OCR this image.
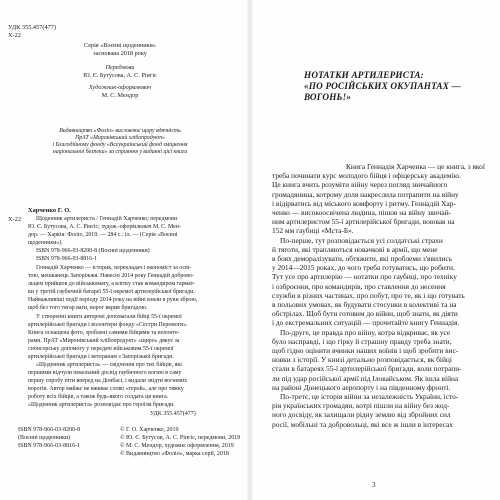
УДК 355.457(477)
Х-22
Серія «Воєнні щоденники»
заснована 2018 року
Передмови
Ю. Є. Бутусова, А. С. Рінгіс
Художник-оформлювач
М. С. Мендор
Видавництво «Фоліо» висловлює щиру вдячність
ПрАТ «Миронівський хлібопродукт»
і Благодійному фонду «Всеукраїнський фонд зміцнення
національної безпеки» за сприяння у виданні цієї книги
Харченко Г. О.
Х-22	Щоденник артилериста / Геннадій Харченко; передмови
Ю. Є. Бутусова, А. С. Рінгіс; худож.-оформлювач М. С. Мен-
дор. — Харків: Фоліо, 2019. — 284 с.: іл. — (Серія «Воєнні
щоденники»).
ISBN 978-966-03-8200-8 (Воєнні щоденники)
ISBN 978-966-03-8816-1
Геннадій Харченко — історик, перекладач і економіст за осві-
тою, мешканець Запоріжжя. Навесні 2014 року Геннадій доброво-
льцем прийшов до військкомату, а вліткy став командиром гармат-
ки у третій гаубичній батареї 55-ї окремої артилерійської бригади.
Найважливіші події періоду 2014 року на війні взяли в руки зброю,
щоб без того тягар ваги, ворог вкрив бригадою.
У створенні книги авторові допомагали бійці 55-ї окремої
артилерійської бригади і волонтери фонду «Сестри Перемоги».
Книга оснащена фото, зроблені самими бійцями та волонте-
рами. ПрАТ «Миронівський хлібопродукт» «щиро» дякує за
спонсорську допомогу у передачі військовим 55-ї окремої
артилерійської бригади і ветеранам з Запорізької бригади.
«Щоденник артилериста» — свідчення про тих бійців, які
першими відчули пекельний досвід гаубичного вогню в саму
першу спробу піти вперед на Донбасі, і видали звідти вогневих
ворогів. Автор майже не вживає слово «герой», але про тяжку
роботу всіх бійців, а також будь-якого солдата ця книга.
«Щоденник артилериста» розповідає про героїзм бригади.
УДК 355.457(477)
ISBN 978-966-03-8200-8
(Воєнні щоденники)
ISBN 978-966-03-8816-1
© Г. О. Харченко, 2019
© Ю. Є. Бутусов, А. С. Рінгіс, передмови, 2019
© М. С. Мендор, художнє оформлення, 2019
© Видавництво «Фоліо», марка серії, 2018
НОТАТКИ АРТИЛЕРИСТА:
«ПО РОСІЙСЬКИХ ОКУПАНТАХ —
ВОГОНЬ!»
Книга Геннадія Харченка — це книга, з якої
треба починати курс молодого бійця і офіцерську академію.
Це книга вчить розуміти війну через погляд звичайного
громадянина, котрому доля накреслила потрапити на війну
і відірватись від міського комфорту і ритму. Геннадій Хар-
ченко — високоосвічена людина, пішов на війну звичай-
ним артилеристом 55-ї артилерійської бригади, воював на
152 мм гаубиці «Мста-Б».
По-перше, тут розповідається усі солдатські страхи
й тяготи, які трапляються новачкові в армії, що мене
в боях деморалізувати, обтяжити, які проблеми з'явились
у 2014—2015 роках, до чого треба готуватись, що робити.
Тут усе про артилерію — нотатки про гаубиці, про техніку
і озброєння, про командирів, про ставлення до несення
служби в різних частинах, про побут, про те, як і що готувать
в польових умовах, як будувати стосунки в колективі та на
обстрілах. Щоб бути готовим до війни, щоб знати, як діяти
і до екстремальних ситуацій — прочитайте книгу Геннадія.
По-друге, це правда про війну, котра відкриває, як усе
було насправді, і що гірку й страшну правду треба знати,
щоб гідно оцінити вчинки наших воїнів і щоб зробити вис-
новки з історії. У книзі детально розповідається, як бійці
стали в батареях 55-ї артилерійської бригади, коли потрапи-
ли під удар російської армії під Іловайськом. Як ішла війна
на районі Донецького аеропорту і на південному фронті.
По-третє, це історія війни за незалежність України, істо-
рія українських громадян, котрі пішли на війну без жод-
ного досвіду, як захищали рідну землю від збройних сил
росії, мобільні та добровольці, які все ж ішли в інтересах
3
